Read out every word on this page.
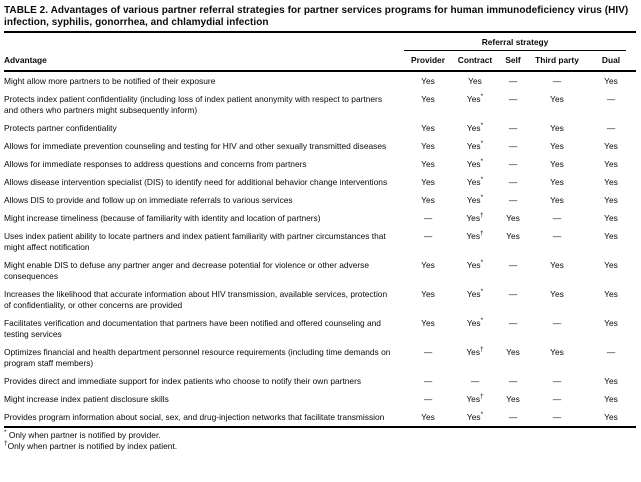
TABLE 2. Advantages of various partner referral strategies for partner services programs for human immunodeficiency virus (HIV) infection, syphilis, gonorrhea, and chlamydial infection

	Referral strategy				

Advantage	Provider	Contract	Self	Third party	Dual
Might allow more partners to be notified of their exposure	Yes	Yes	—	—	Yes
Protects index patient confidentiality (including loss of index patient anonymity with respect to partners and others who partners might subsequently inform)	Yes	Yes*	—	Yes	—
Protects partner confidentiality	Yes	Yes*	—	Yes	—
Allows for immediate prevention counseling and testing for HIV and other sexually transmitted diseases	Yes	Yes*	—	Yes	Yes
Allows for immediate responses to address questions and concerns from partners	Yes	Yes*	—	Yes	Yes
Allows disease intervention specialist (DIS) to identify need for additional behavior change interventions	Yes	Yes*	—	Yes	Yes
Allows DIS to provide and follow up on immediate referrals to various services	Yes	Yes*	—	Yes	Yes
Might increase timeliness (because of familiarity with identity and location of partners)	—	Yes†	Yes	—	Yes
Uses index patient ability to locate partners and index patient familiarity with partner circumstances that might affect notification	—	Yes†	Yes	—	Yes
Might enable DIS to defuse any partner anger and decrease potential for violence or other adverse consequences	Yes	Yes*	—	Yes	Yes
Increases the likelihood that accurate information about HIV transmission, available services, protection of confidentiality, or other concerns are provided	Yes	Yes*	—	Yes	Yes
Facilitates verification and documentation that partners have been notified and offered counseling and testing services	Yes	Yes*	—	—	Yes
Optimizes financial and health department personnel resource requirements (including time demands on program staff members)	—	Yes†	Yes	Yes	—
Provides direct and immediate support for index patients who choose to notify their own partners	—	—	—	—	Yes
Might increase index patient disclosure skills	—	Yes†	Yes	—	Yes
Provides program information about social, sex, and drug-injection networks that facilitate transmission	Yes	Yes*	—	—	Yes
* Only when partner is notified by provider.
†Only when partner is notified by index patient.
